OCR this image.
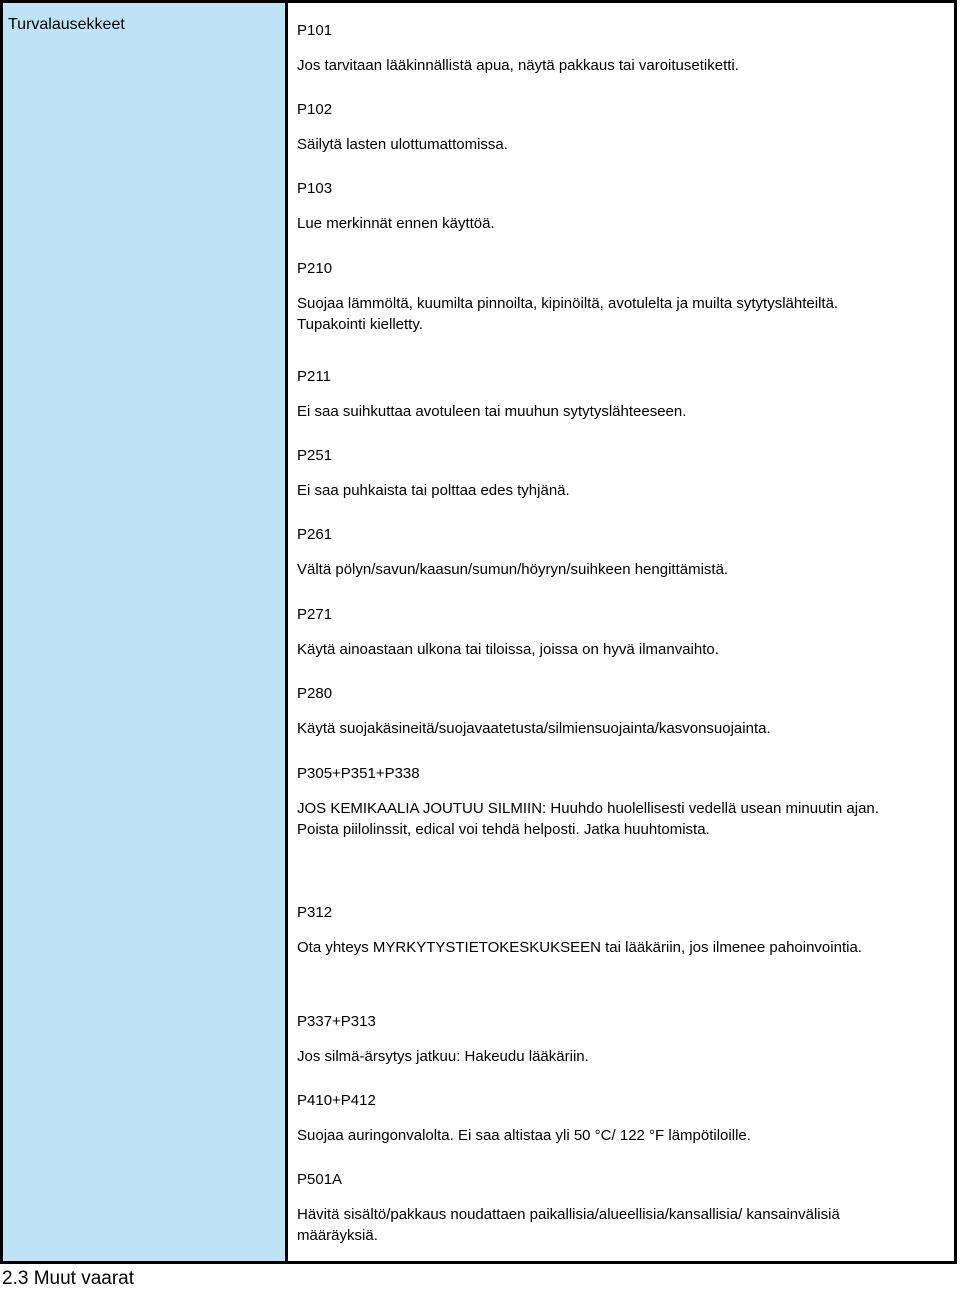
Turvalausekkeet	P101
Jos tarvitaan lääkinnällistä apua, näytä pakkaus tai varoitusetiketti.
P102
Säilytä lasten ulottumattomissa.
P103
Lue merkinnät ennen käyttöä.
P210
Suojaa lämmöltä, kuumilta pinnoilta, kipinöiltä, avotulelta ja muilta sytytyslähteiltä. Tupakointi kielletty.
P211
Ei saa suihkuttaa avotuleen tai muuhun sytytyslähteeseen.
P251
Ei saa puhkaista tai polttaa edes tyhjänä.
P261
Vältä pölyn/savun/kaasun/sumun/höyryn/suihkeen hengittämistä.
P271
Käytä ainoastaan ulkona tai tiloissa, joissa on hyvä ilmanvaihto.
P280
Käytä suojakäsineitä/suojavaatetusta/silmiensuojainta/kasvonsuojainta.
P305+P351+P338
JOS KEMIKAALIA JOUTUU SILMIIN: Huuhdo huolellisesti vedellä usean minuutin ajan. Poista piilolinssit, edical voi tehdä helposti. Jatka huuhtomista.
P312
Ota yhteys MYRKYTYSTIETOKESKUKSEEN tai lääkäriin, jos ilmenee pahoinvointia.
P337+P313
Jos silmä-ärsytys jatkuu: Hakeudu lääkäriin.
P410+P412
Suojaa auringonvalolta. Ei saa altistaa yli 50 °C/ 122 °F lämpötiloille.
P501A
Hävitä sisältö/pakkaus noudattaen paikallisia/alueellisia/kansallisia/ kansainvälisiä määräyksiä.
2.3 Muut vaarat
